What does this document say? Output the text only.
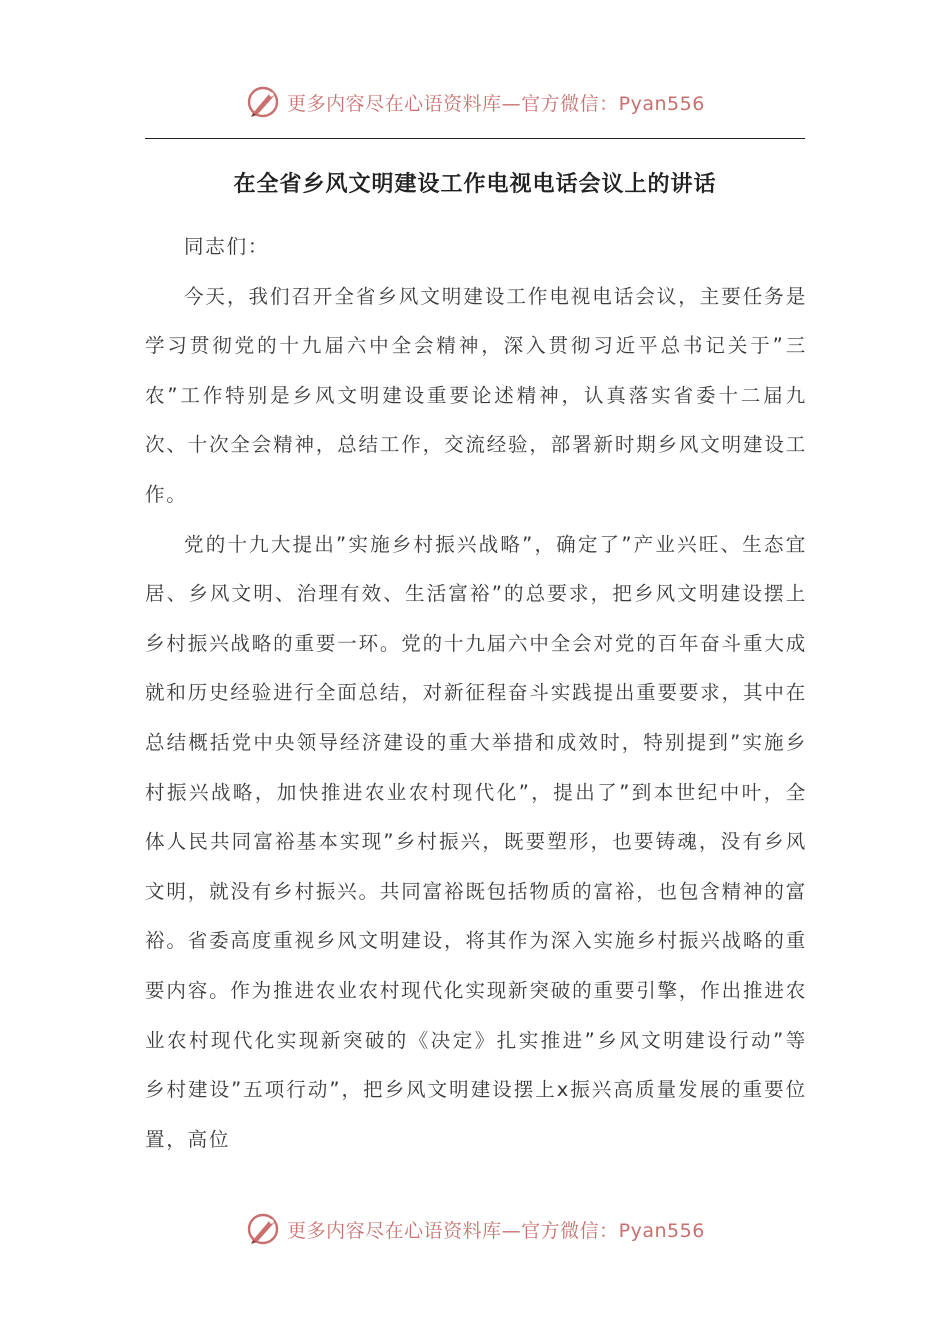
更多内容尽在心语资料库—官方微信：Pyan556
在全省乡风文明建设工作电视电话会议上的讲话

同志们：

今天，我们召开全省乡风文明建设工作电视电话会议，主要任务是学习贯彻党的十九届六中全会精神，深入贯彻习近平总书记关于”三农”工作特别是乡风文明建设重要论述精神，认真落实省委十二届九次、十次全会精神，总结工作，交流经验，部署新时期乡风文明建设工作。

党的十九大提出”实施乡村振兴战略”，确定了”产业兴旺、生态宜居、乡风文明、治理有效、生活富裕”的总要求，把乡风文明建设摆上乡村振兴战略的重要一环。党的十九届六中全会对党的百年奋斗重大成就和历史经验进行全面总结，对新征程奋斗实践提出重要要求，其中在总结概括党中央领导经济建设的重大举措和成效时，特别提到”实施乡村振兴战略，加快推进农业农村现代化”，提出了”到本世纪中叶，全体人民共同富裕基本实现”乡村振兴，既要塑形，也要铸魂，没有乡风文明，就没有乡村振兴。共同富裕既包括物质的富裕，也包含精神的富裕。省委高度重视乡风文明建设，将其作为深入实施乡村振兴战略的重要内容。作为推进农业农村现代化实现新突破的重要引擎，作出推进农业农村现代化实现新突破的《决定》扎实推进”乡风文明建设行动”等乡村建设”五项行动”，把乡风文明建设摆上x振兴高质量发展的重要位置，高位

更多内容尽在心语资料库—官方微信：Pyan556
